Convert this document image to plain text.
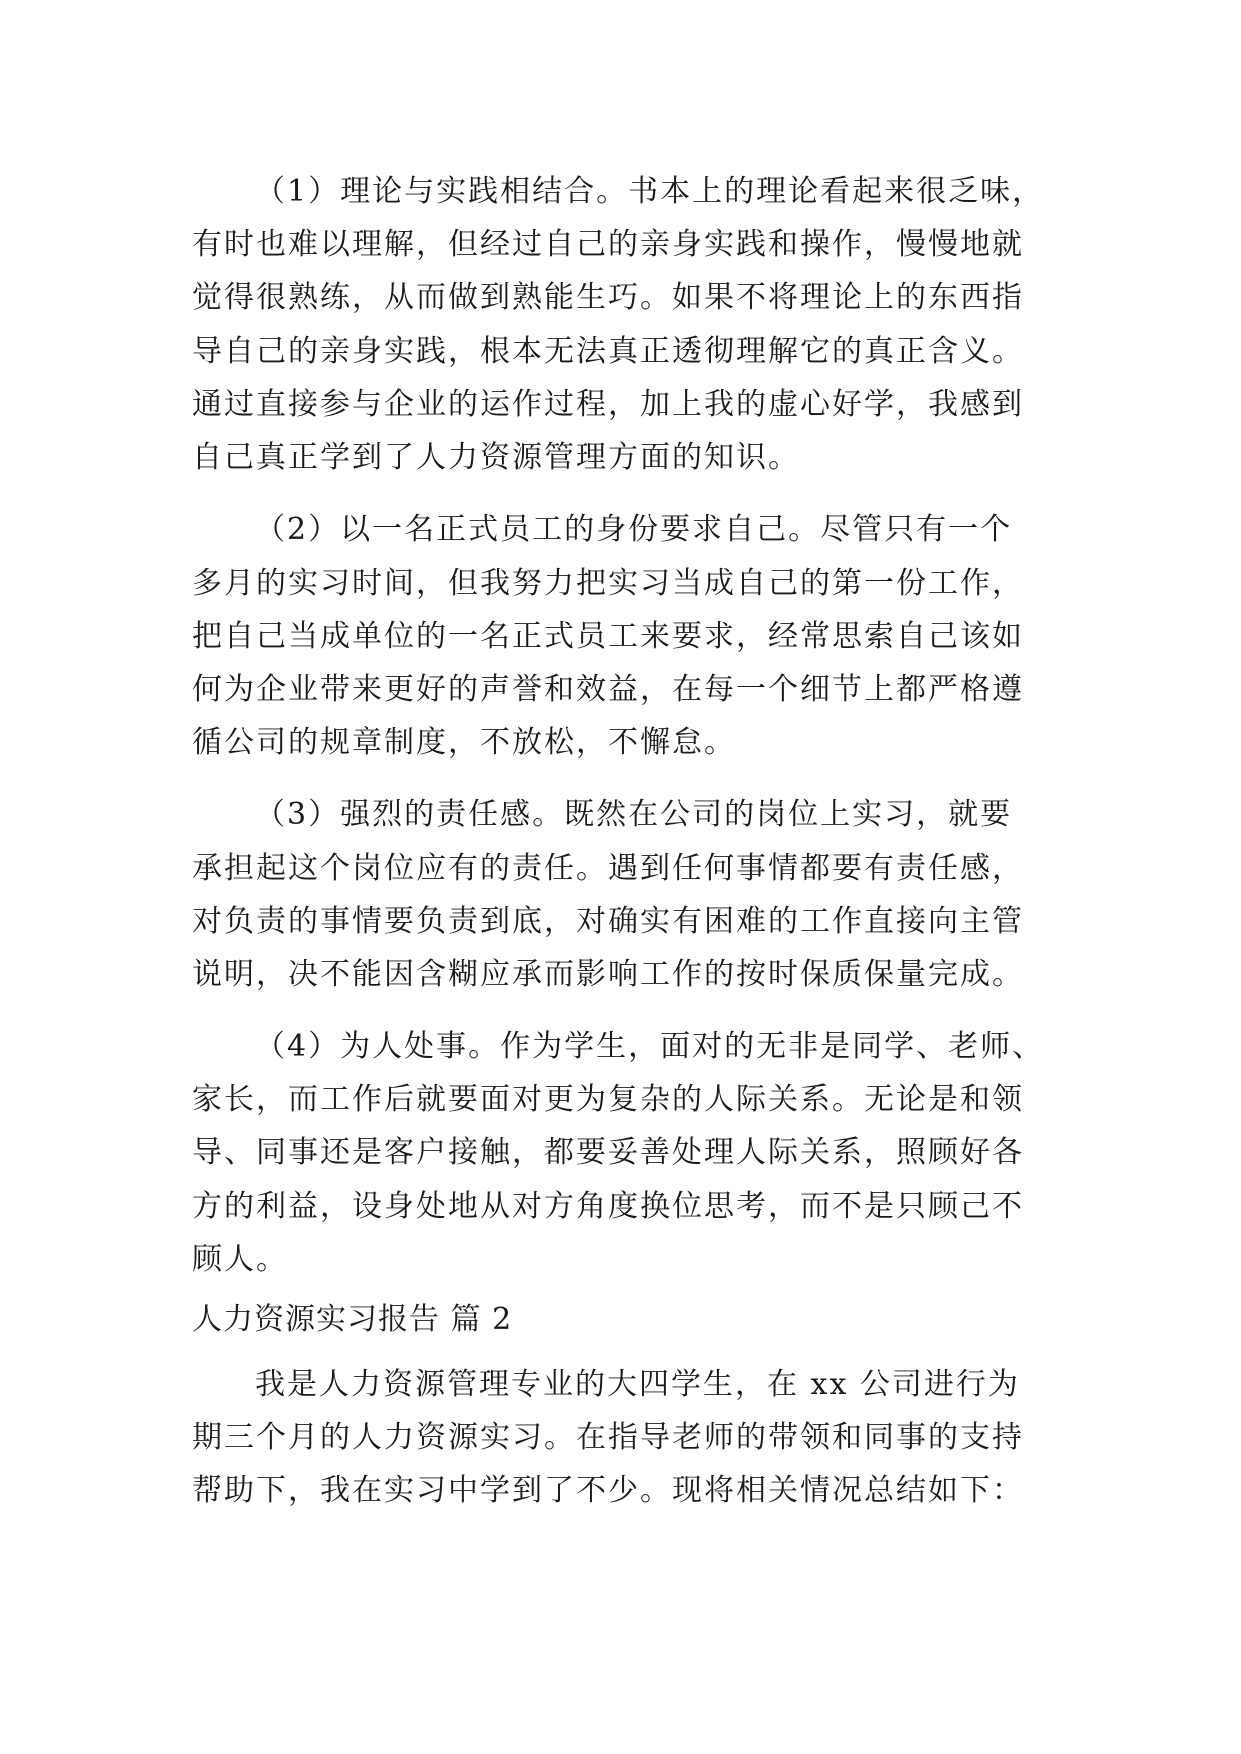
（1）理论与实践相结合。书本上的理论看起来很乏味，
有时也难以理解，但经过自己的亲身实践和操作，慢慢地就
觉得很熟练，从而做到熟能生巧。如果不将理论上的东西指
导自己的亲身实践，根本无法真正透彻理解它的真正含义。
通过直接参与企业的运作过程，加上我的虚心好学，我感到
自己真正学到了人力资源管理方面的知识。
（2）以一名正式员工的身份要求自己。尽管只有一个
多月的实习时间，但我努力把实习当成自己的第一份工作，
把自己当成单位的一名正式员工来要求，经常思索自己该如
何为企业带来更好的声誉和效益，在每一个细节上都严格遵
循公司的规章制度，不放松，不懈怠。
（3）强烈的责任感。既然在公司的岗位上实习，就要
承担起这个岗位应有的责任。遇到任何事情都要有责任感，
对负责的事情要负责到底，对确实有困难的工作直接向主管
说明，决不能因含糊应承而影响工作的按时保质保量完成。
（4）为人处事。作为学生，面对的无非是同学、老师、
家长，而工作后就要面对更为复杂的人际关系。无论是和领
导、同事还是客户接触，都要妥善处理人际关系，照顾好各
方的利益，设身处地从对方角度换位思考，而不是只顾己不
顾人。
人力资源实习报告 篇 2
我是人力资源管理专业的大四学生，在 xx 公司进行为
期三个月的人力资源实习。在指导老师的带领和同事的支持
帮助下，我在实习中学到了不少。现将相关情况总结如下：
